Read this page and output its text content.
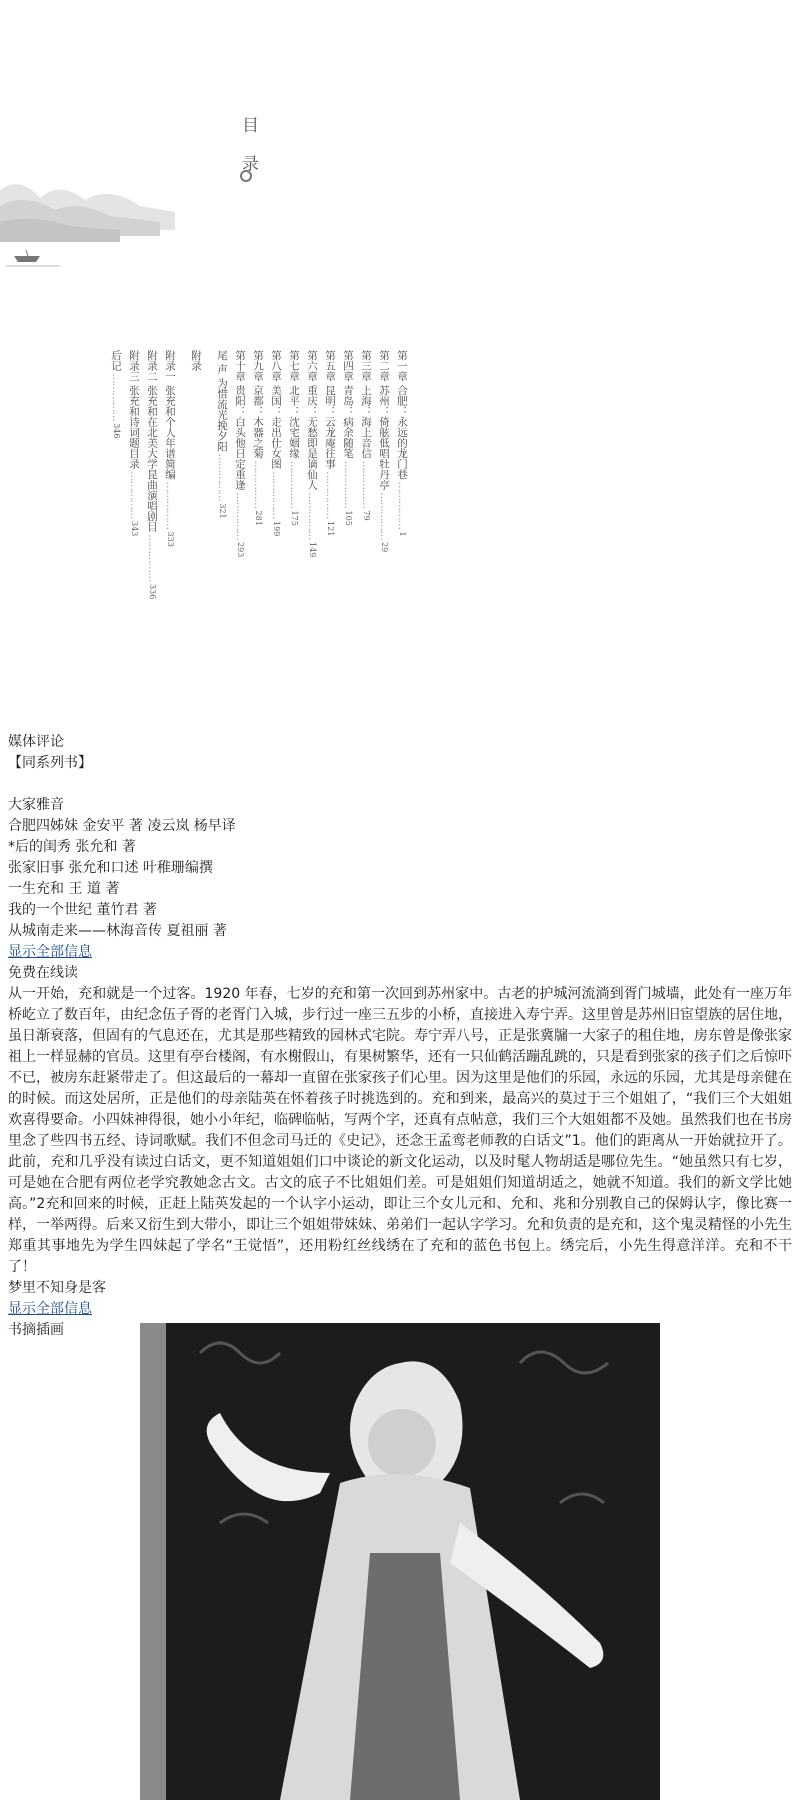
目 录
第一章 合肥：永远的龙门巷 …………… 1
第二章 苏州：倚舷低唱牡丹亭 …………… 29
第三章 上海：海上音信 …………… 79
第四章 青岛：病余随笔 …………… 105
第五章 昆明：云龙庵往事 …………… 121
第六章 重庆：无愁即是谪仙人 …………… 149
第七章 北平：沈宅姻缘 …………… 175
第八章 美国：走出仕女图 …………… 199
第九章 京都：木器之菊 …………… 281
第十章 贵阳：白头他日定重逢 …………… 293
尾 声 为惜流光挽夕阳 …………… 321
附录
附录一 张充和个人年谱简编 …………… 333
附录二 张充和在北美大学昆曲演唱剧目 …………… 336
附录三 张充和诗词题目录 …………… 343
后记 …………… 346

媒体评论

【同系列书】

大家雅音

合肥四姊妹 金安平 著 凌云岚 杨早译

*后的闺秀 张允和 著

张家旧事 张允和口述 叶稚珊编撰

一生充和 王 道 著

我的一个世纪 董竹君 著

从城南走来——林海音传 夏祖丽 著

显示全部信息

免费在线读

从一开始，充和就是一个过客。1920 年春，七岁的充和第一次回到苏州家中。古老的护城河流淌到胥门城墙，此处有一座万年桥屹立了数百年，由纪念伍子胥的老胥门入城，步行过一座三五步的小桥，直接进入寿宁弄。这里曾是苏州旧宦望族的居住地，虽日渐衰落，但固有的气息还在，尤其是那些精致的园林式宅院。寿宁弄八号，正是张冀牖一大家子的租住地，房东曾是像张家祖上一样显赫的官员。这里有亭台楼阁，有水榭假山，有果树繁华，还有一只仙鹤活蹦乱跳的，只是看到张家的孩子们之后惊吓不已，被房东赶紧带走了。但这最后的一幕却一直留在张家孩子们心里。因为这里是他们的乐园，永远的乐园，尤其是母亲健在的时候。而这处居所，正是他们的母亲陆英在怀着孩子时挑选到的。充和到来，最高兴的莫过于三个姐姐了，“我们三个大姐姐欢喜得要命。小四妹神得很，她小小年纪，临碑临帖，写两个字，还真有点帖意，我们三个大姐姐都不及她。虽然我们也在书房里念了些四书五经、诗词歌赋。我们不但念司马迁的《史记》，还念王孟鸾老师教的白话文”1。他们的距离从一开始就拉开了。此前，充和几乎没有读过白话文，更不知道姐姐们口中谈论的新文化运动，以及时髦人物胡适是哪位先生。“她虽然只有七岁，可是她在合肥有两位老学究教她念古文。古文的底子不比姐姐们差。可是姐姐们知道胡适之，她就不知道。我们的新文学比她高。”2充和回来的时候，正赶上陆英发起的一个认字小运动，即让三个女儿元和、允和、兆和分别教自己的保姆认字，像比赛一样，一举两得。后来又衍生到大带小，即让三个姐姐带妹妹、弟弟们一起认字学习。允和负责的是充和，这个鬼灵精怪的小先生郑重其事地先为学生四妹起了学名“王觉悟”，还用粉红丝线绣在了充和的蓝色书包上。绣完后，小先生得意洋洋。充和不干了！

梦里不知身是客

显示全部信息

书摘插画
